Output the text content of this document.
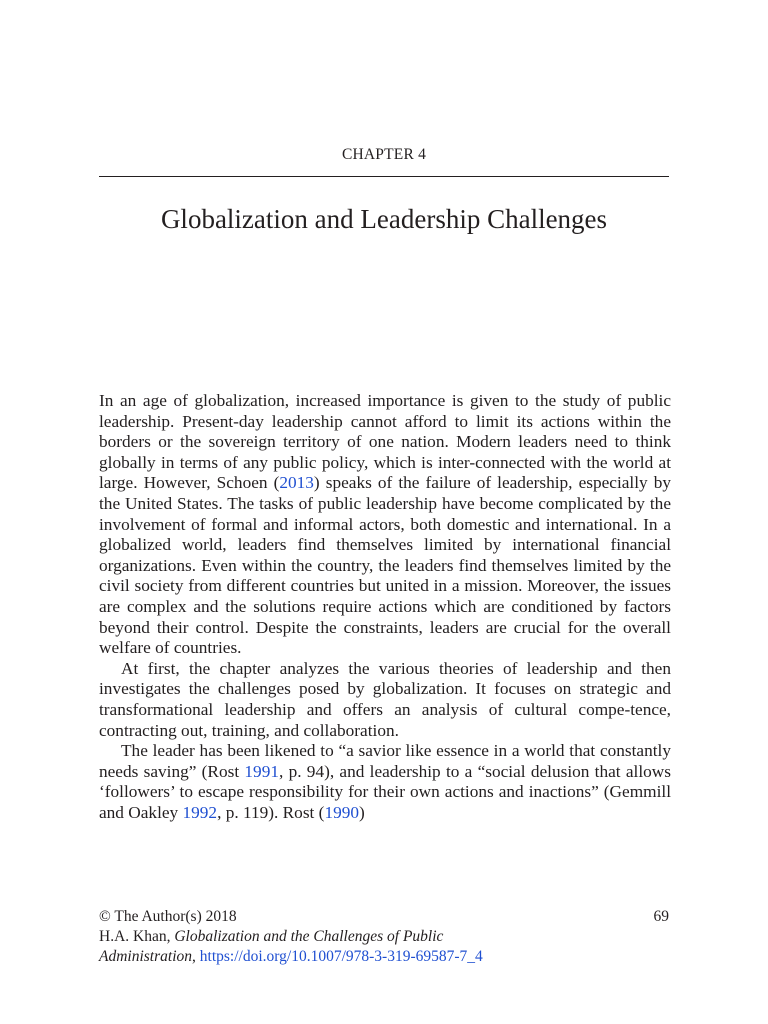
CHAPTER 4
Globalization and Leadership Challenges

In an age of globalization, increased importance is given to the study of public leadership. Present-day leadership cannot afford to limit its actions within the borders or the sovereign territory of one nation. Modern leaders need to think globally in terms of any public policy, which is inter-connected with the world at large. However, Schoen (2013) speaks of the failure of leadership, especially by the United States. The tasks of public leadership have become complicated by the involvement of formal and informal actors, both domestic and international. In a globalized world, leaders find themselves limited by international financial organizations. Even within the country, the leaders find themselves limited by the civil society from different countries but united in a mission. Moreover, the issues are complex and the solutions require actions which are conditioned by factors beyond their control. Despite the constraints, leaders are crucial for the overall welfare of countries.

At first, the chapter analyzes the various theories of leadership and then investigates the challenges posed by globalization. It focuses on strategic and transformational leadership and offers an analysis of cultural compe-tence, contracting out, training, and collaboration.

The leader has been likened to “a savior like essence in a world that constantly needs saving” (Rost 1991, p. 94), and leadership to a “social delusion that allows ‘followers’ to escape responsibility for their own actions and inactions” (Gemmill and Oakley 1992, p. 119). Rost (1990)

© The Author(s) 2018	69
H.A. Khan, Globalization and the Challenges of Public
Administration, https://doi.org/10.1007/978-3-319-69587-7_4
